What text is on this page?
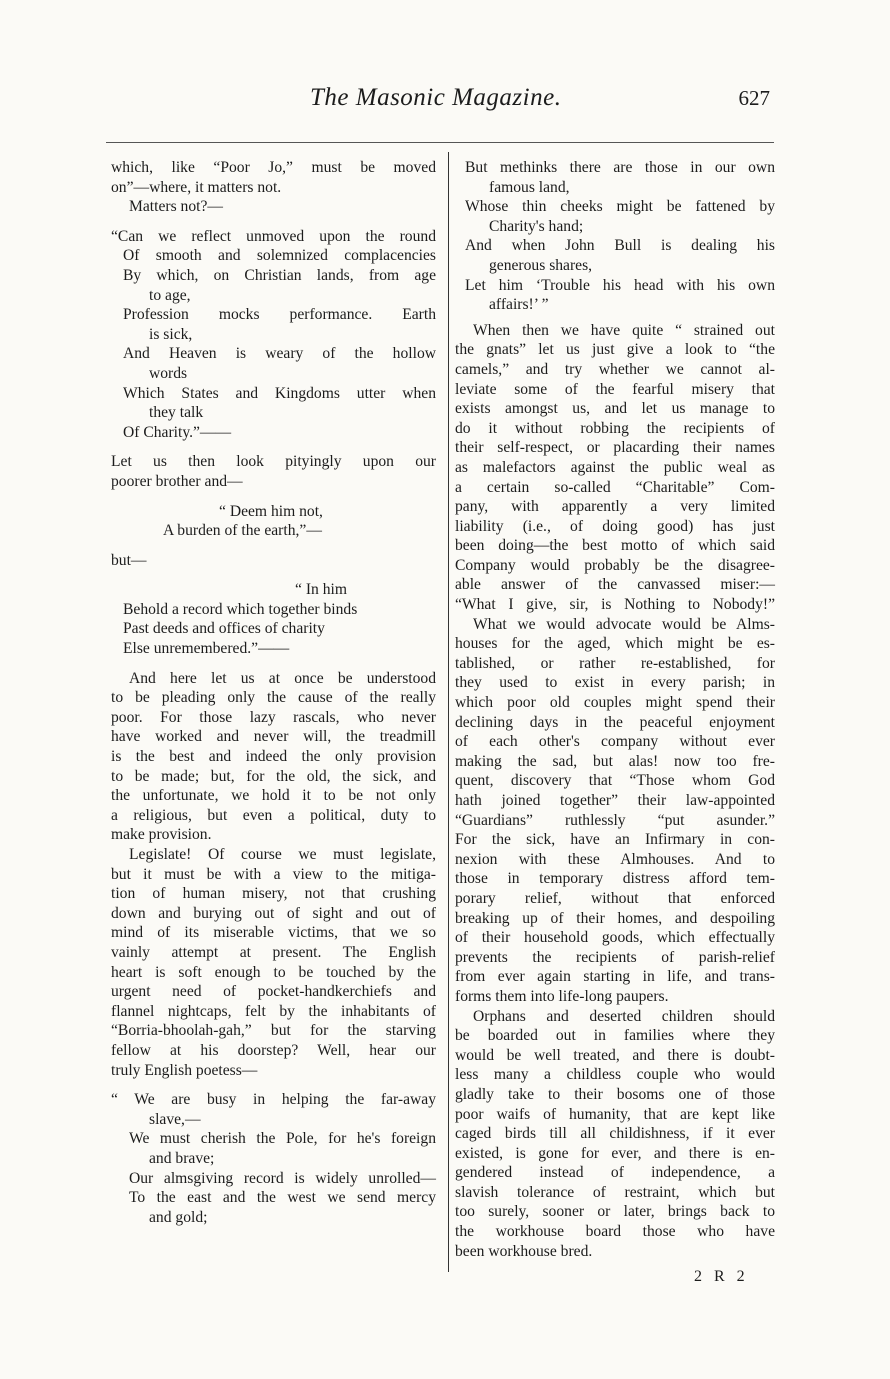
The Masonic Magazine.	627
which, like “Poor Jo,” must be moved
on”—where, it matters not.
Matters not?—
“Can we reflect unmoved upon the round
Of smooth and solemnized complacencies
By which, on Christian lands, from age
to age,
Profession mocks performance. Earth
is sick,
And Heaven is weary of the hollow
words
Which States and Kingdoms utter when
they talk
Of Charity.”——
Let us then look pityingly upon our
poorer brother and—
“ Deem him not,
A burden of the earth,”—
but—
“ In him
Behold a record which together binds
Past deeds and offices of charity
Else unremembered.”——
And here let us at once be understood
to be pleading only the cause of the really
poor. For those lazy rascals, who never
have worked and never will, the treadmill
is the best and indeed the only provision
to be made; but, for the old, the sick, and
the unfortunate, we hold it to be not only
a religious, but even a political, duty to
make provision.
Legislate! Of course we must legislate,
but it must be with a view to the mitiga-
tion of human misery, not that crushing
down and burying out of sight and out of
mind of its miserable victims, that we so
vainly attempt at present. The English
heart is soft enough to be touched by the
urgent need of pocket-handkerchiefs and
flannel nightcaps, felt by the inhabitants of
“Borria-bhoolah-gah,” but for the starving
fellow at his doorstep? Well, hear our
truly English poetess—
“ We are busy in helping the far-away
slave,—
We must cherish the Pole, for he's foreign
and brave;
Our almsgiving record is widely unrolled—
To the east and the west we send mercy
and gold;
But methinks there are those in our own
famous land,
Whose thin cheeks might be fattened by
Charity's hand;
And when John Bull is dealing his
generous shares,
Let him ‘Trouble his head with his own
affairs!’ ”
When then we have quite “ strained out
the gnats” let us just give a look to “the
camels,” and try whether we cannot al-
leviate some of the fearful misery that
exists amongst us, and let us manage to
do it without robbing the recipients of
their self-respect, or placarding their names
as malefactors against the public weal as
a certain so-called “Charitable” Com-
pany, with apparently a very limited
liability (i.e., of doing good) has just
been doing—the best motto of which said
Company would probably be the disagree-
able answer of the canvassed miser:—
“What I give, sir, is Nothing to Nobody!”
What we would advocate would be Alms-
houses for the aged, which might be es-
tablished, or rather re-established, for
they used to exist in every parish; in
which poor old couples might spend their
declining days in the peaceful enjoyment
of each other's company without ever
making the sad, but alas! now too fre-
quent, discovery that “Those whom God
hath joined together” their law-appointed
“Guardians” ruthlessly “put asunder.”
For the sick, have an Infirmary in con-
nexion with these Almhouses. And to
those in temporary distress afford tem-
porary relief, without that enforced
breaking up of their homes, and despoiling
of their household goods, which effectually
prevents the recipients of parish-relief
from ever again starting in life, and trans-
forms them into life-long paupers.
Orphans and deserted children should
be boarded out in families where they
would be well treated, and there is doubt-
less many a childless couple who would
gladly take to their bosoms one of those
poor waifs of humanity, that are kept like
caged birds till all childishness, if it ever
existed, is gone for ever, and there is en-
gendered instead of independence, a
slavish tolerance of restraint, which but
too surely, sooner or later, brings back to
the workhouse board those who have
been workhouse bred.
2 R 2
